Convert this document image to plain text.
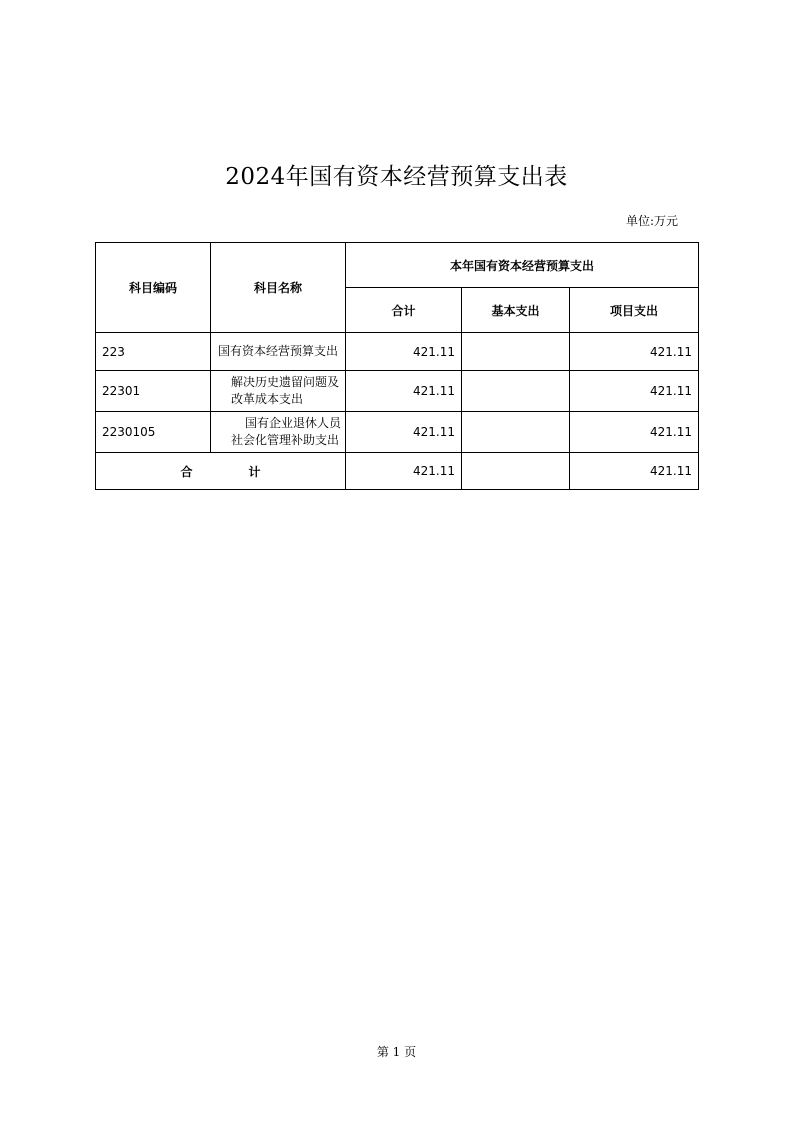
2024年国有资本经营预算支出表
单位:万元
科目编码	科目名称	本年国有资本经营预算支出		
		合计	基本支出	项目支出
223	国有资本经营预算支出	421.11		421.11
22301	解决历史遗留问题及改革成本支出	421.11		421.11
2230105	国有企业退休人员社会化管理补助支出	421.11		421.11
合 计		421.11		421.11
第 1 页
